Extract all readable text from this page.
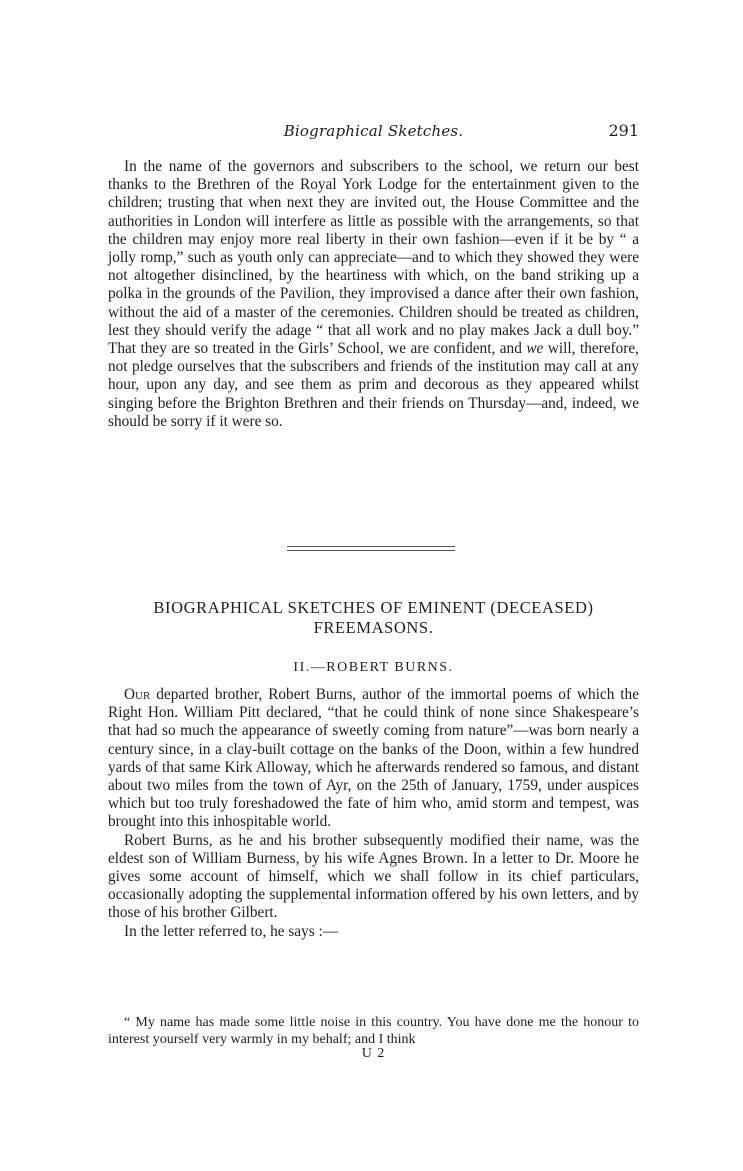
Biographical Sketches.	291

In the name of the governors and subscribers to the school, we return our best thanks to the Brethren of the Royal York Lodge for the entertainment given to the children; trusting that when next they are invited out, the House Committee and the authorities in London will interfere as little as possible with the arrangements, so that the children may enjoy more real liberty in their own fashion—even if it be by “ a jolly romp,” such as youth only can appreciate—and to which they showed they were not altogether disinclined, by the heartiness with which, on the band striking up a polka in the grounds of the Pavilion, they improvised a dance after their own fashion, without the aid of a master of the ceremonies. Children should be treated as children, lest they should verify the adage “ that all work and no play makes Jack a dull boy.” That they are so treated in the Girls’ School, we are confident, and we will, therefore, not pledge ourselves that the subscribers and friends of the institution may call at any hour, upon any day, and see them as prim and decorous as they appeared whilst singing before the Brighton Brethren and their friends on Thursday—and, indeed, we should be sorry if it were so.

BIOGRAPHICAL SKETCHES OF EMINENT (DECEASED) FREEMASONS.
II.—ROBERT BURNS.

Our departed brother, Robert Burns, author of the immortal poems of which the Right Hon. William Pitt declared, “that he could think of none since Shakespeare’s that had so much the appearance of sweetly coming from nature”—was born nearly a century since, in a clay-built cottage on the banks of the Doon, within a few hundred yards of that same Kirk Alloway, which he afterwards rendered so famous, and distant about two miles from the town of Ayr, on the 25th of January, 1759, under auspices which but too truly foreshadowed the fate of him who, amid storm and tempest, was brought into this inhospitable world.

Robert Burns, as he and his brother subsequently modified their name, was the eldest son of William Burness, by his wife Agnes Brown. In a letter to Dr. Moore he gives some account of himself, which we shall follow in its chief particulars, occasionally adopting the supplemental information offered by his own letters, and by those of his brother Gilbert.

In the letter referred to, he says :—

“ My name has made some little noise in this country. You have done me the honour to interest yourself very warmly in my behalf; and I think

U 2
